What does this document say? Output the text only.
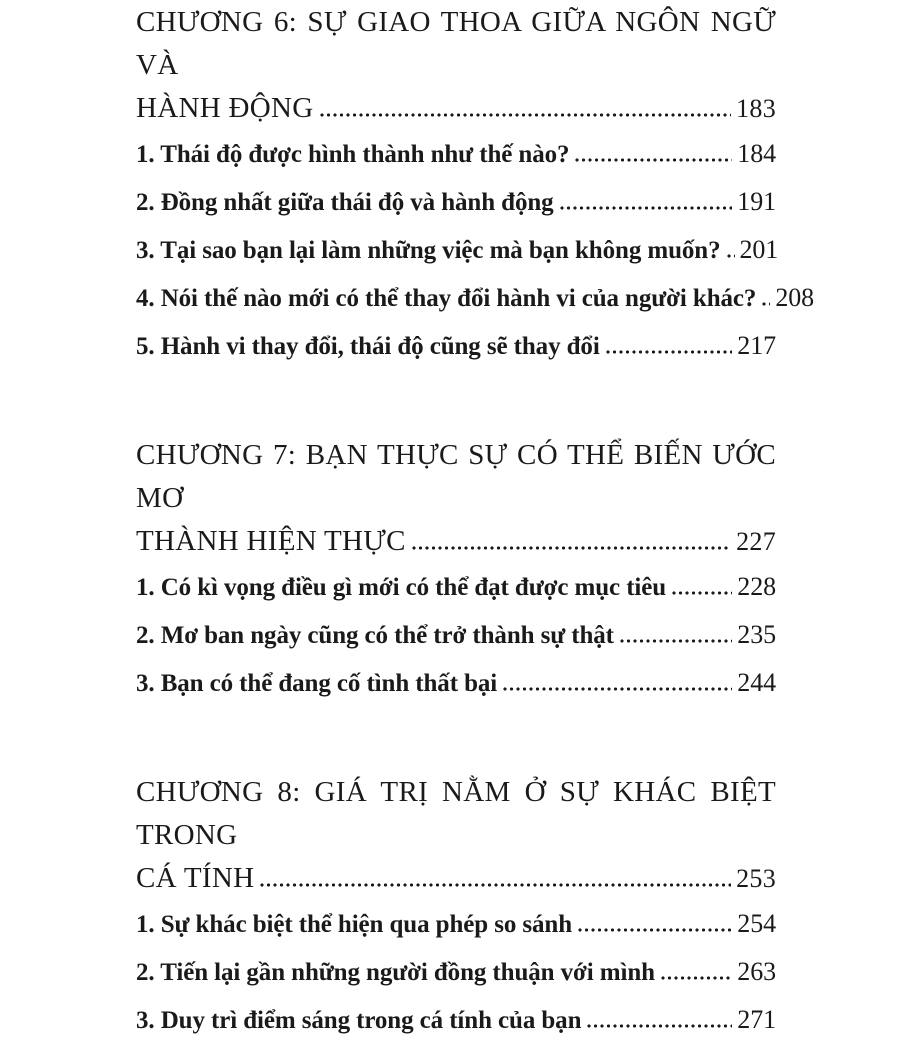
CHƯƠNG 6: SỰ GIAO THOA GIỮA NGÔN NGỮ VÀ
HÀNH ĐỘNG	183
1. Thái độ được hình thành như thế nào?	184
2. Đồng nhất giữa thái độ và hành động	191
3. Tại sao bạn lại làm những việc mà bạn không muốn? 201
4. Nói thế nào mới có thể thay đổi hành vi của người khác? 208
5. Hành vi thay đổi, thái độ cũng sẽ thay đổi	217
CHƯƠNG 7: BẠN THỰC SỰ CÓ THỂ BIẾN ƯỚC MƠ
THÀNH HIỆN THỰC	227
1. Có kì vọng điều gì mới có thể đạt được mục tiêu	228
2. Mơ ban ngày cũng có thể trở thành sự thật	235
3. Bạn có thể đang cố tình thất bại	244
CHƯƠNG 8: GIÁ TRỊ NẰM Ở SỰ KHÁC BIỆT TRONG
CÁ TÍNH	253
1. Sự khác biệt thể hiện qua phép so sánh	254
2. Tiến lại gần những người đồng thuận với mình	263
3. Duy trì điểm sáng trong cá tính của bạn	271
